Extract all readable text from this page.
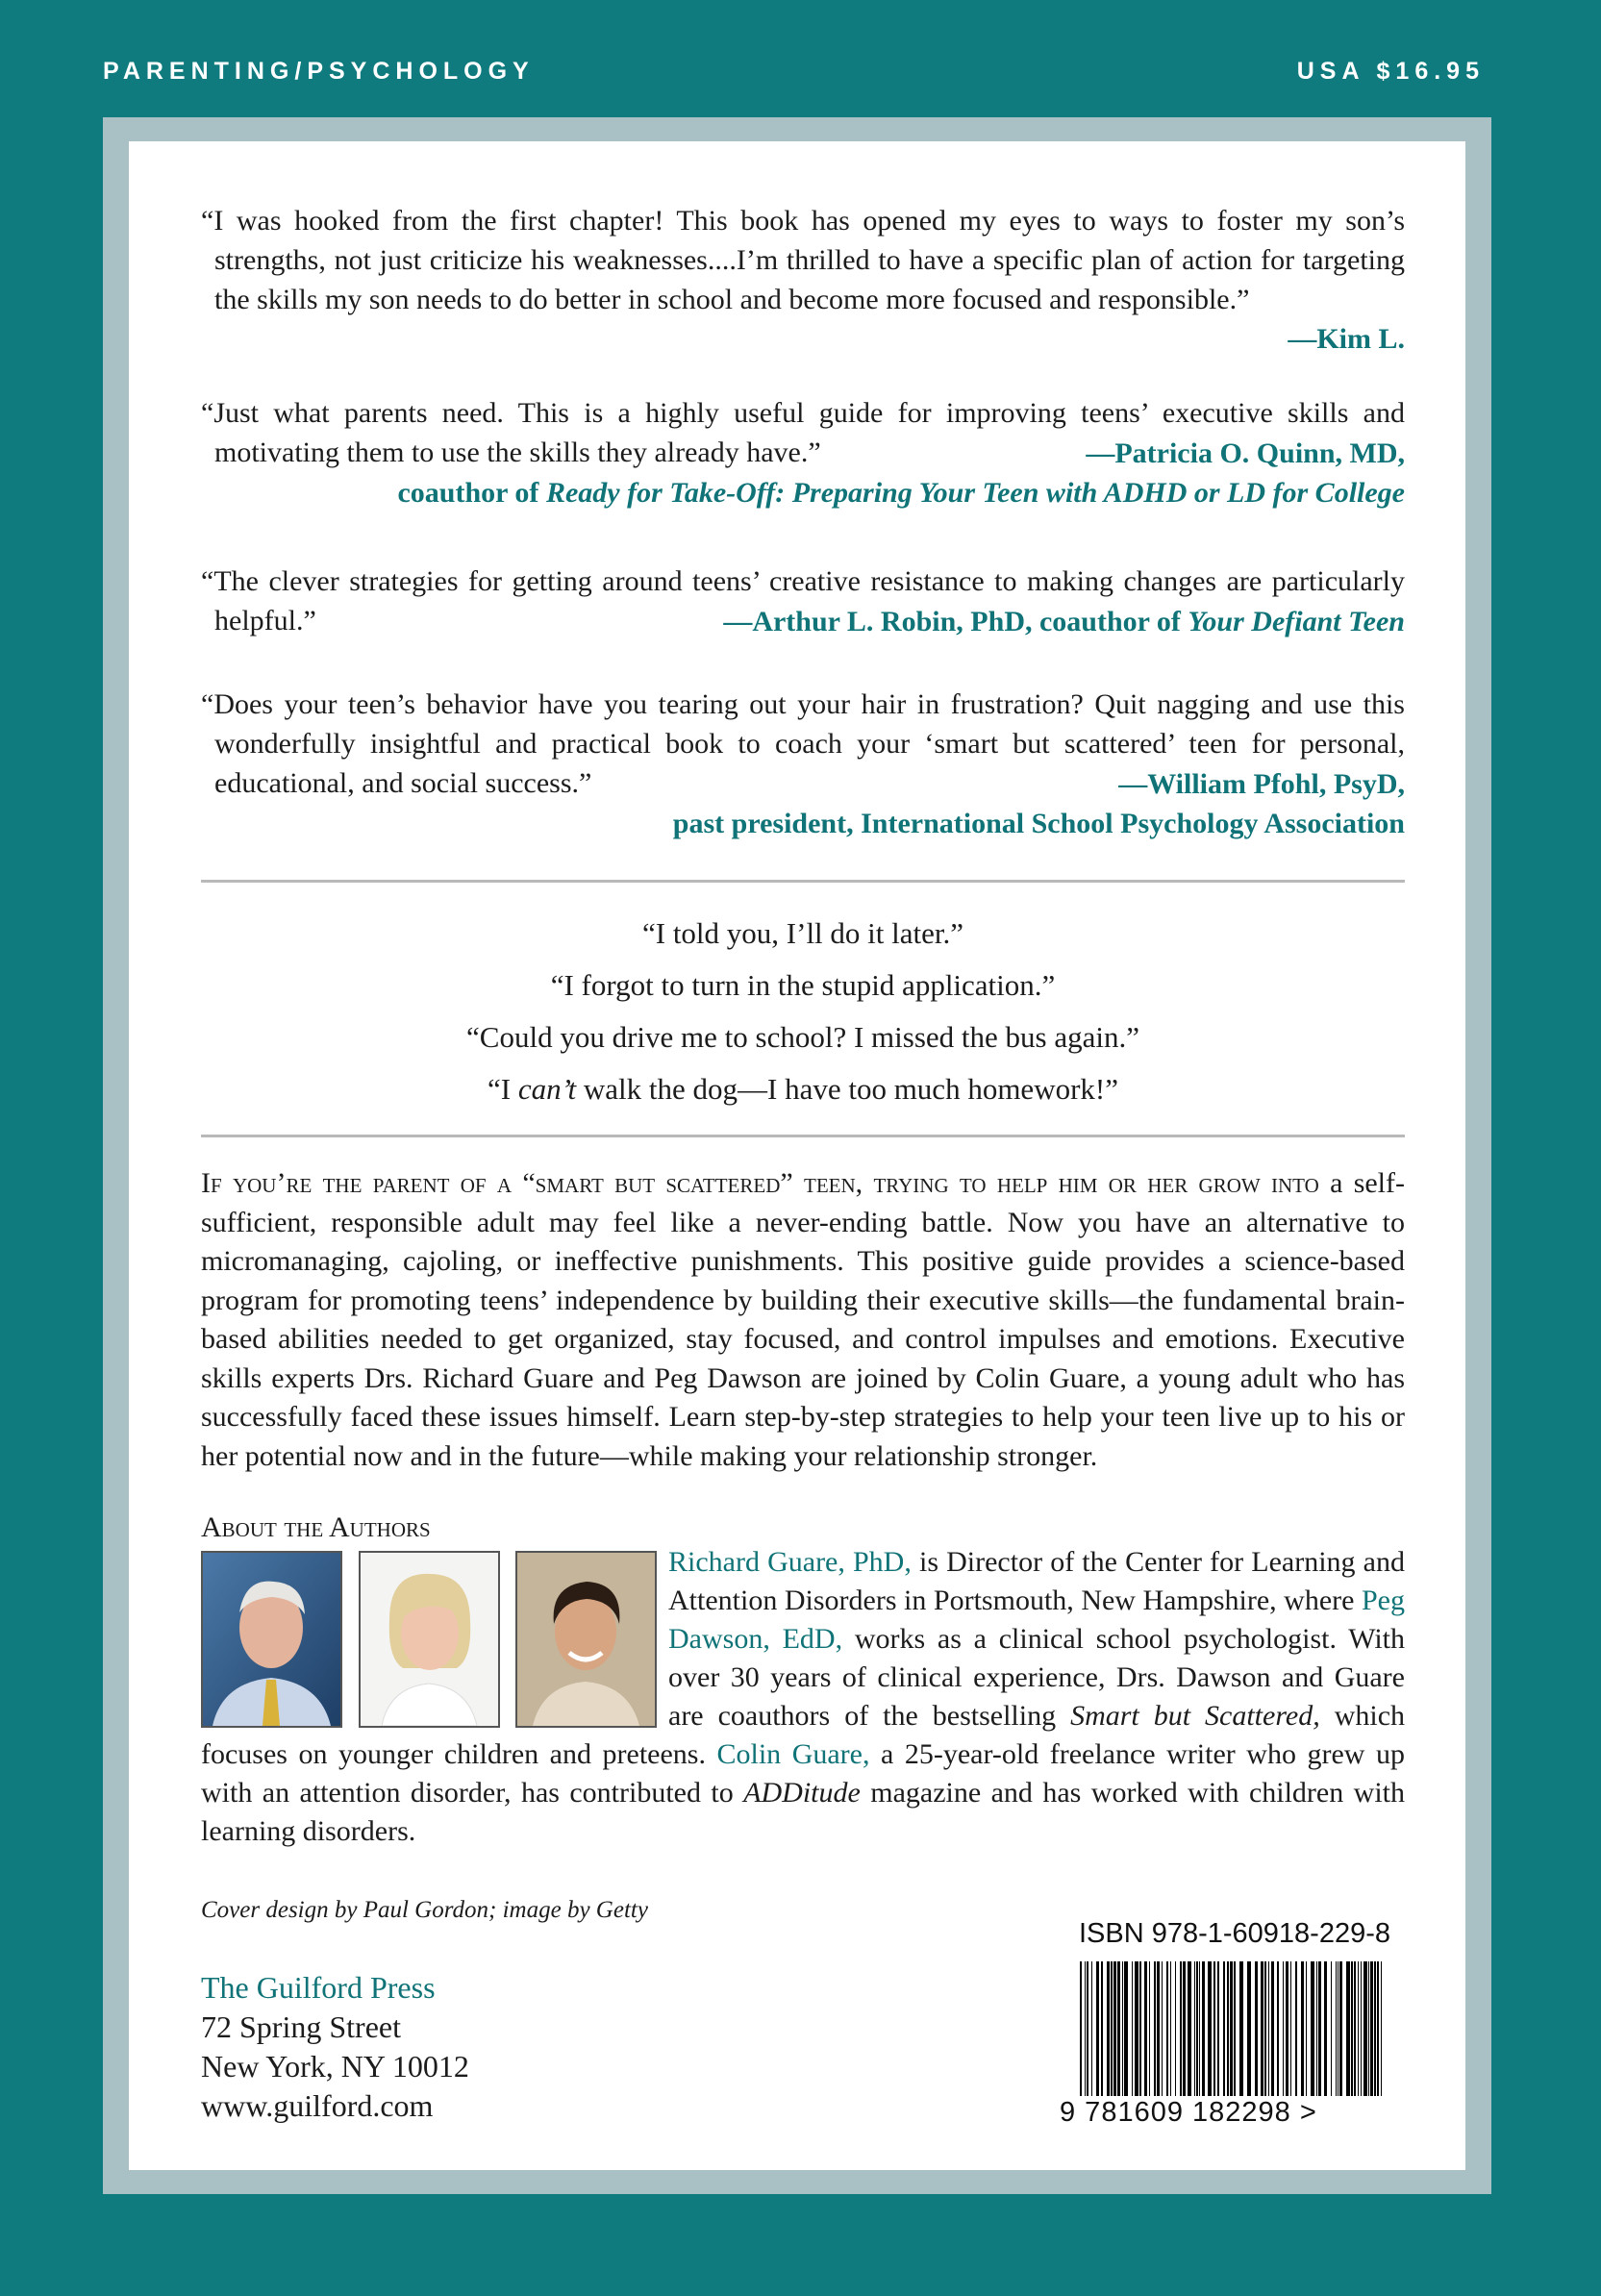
PARENTING/PSYCHOLOGY	USA $16.95

“I was hooked from the first chapter! This book has opened my eyes to ways to foster my son’s strengths, not just criticize his weaknesses....I’m thrilled to have a specific plan of action for targeting the skills my son needs to do better in school and become more focused and responsible.”

—Kim L.

“Just what parents need. This is a highly useful guide for improving teens’ executive skills and motivating them to use the skills they already have.”	—Patricia O. Quinn, MD,
coauthor of Ready for Take-Off: Preparing Your Teen with ADHD or LD for College

“The clever strategies for getting around teens’ creative resistance to making changes are particularly helpful.”	—Arthur L. Robin, PhD, coauthor of Your Defiant Teen

“Does your teen’s behavior have you tearing out your hair in frustration? Quit nagging and use this wonderfully insightful and practical book to coach your ‘smart but scattered’ teen for personal, educational, and social success.”	—William Pfohl, PsyD,
past president, International School Psychology Association
“I told you, I’ll do it later.”
“I forgot to turn in the stupid application.”
“Could you drive me to school? I missed the bus again.”
“I can’t walk the dog—I have too much homework!”

If you’re the parent of a “smart but scattered” teen, trying to help him or her grow into a self-sufficient, responsible adult may feel like a never-ending battle. Now you have an alternative to micromanaging, cajoling, or ineffective punishments. This positive guide provides a science-based program for promoting teens’ independence by building their executive skills—the fundamental brain-based abilities needed to get organized, stay focused, and control impulses and emotions. Executive skills experts Drs. Richard Guare and Peg Dawson are joined by Colin Guare, a young adult who has successfully faced these issues himself. Learn step-by-step strategies to help your teen live up to his or her potential now and in the future—while making your relationship stronger.

About the Authors
Richard Guare, PhD, is Director of the Center for Learning and Attention Disorders in Portsmouth, New Hampshire, where Peg Dawson, EdD, works as a clinical school psychologist. With over 30 years of clinical experience, Drs. Dawson and Guare are coauthors of the bestselling Smart but Scattered, which focuses on younger children and preteens. Colin Guare, a 25-year-old freelance writer who grew up with an attention disorder, has contributed to ADDitude magazine and has worked with children with learning disorders.
Cover design by Paul Gordon; image by Getty
The Guilford Press
72 Spring Street
New York, NY 10012
www.guilford.com
ISBN 978-1-60918-229-8
9 781609 182298 >
